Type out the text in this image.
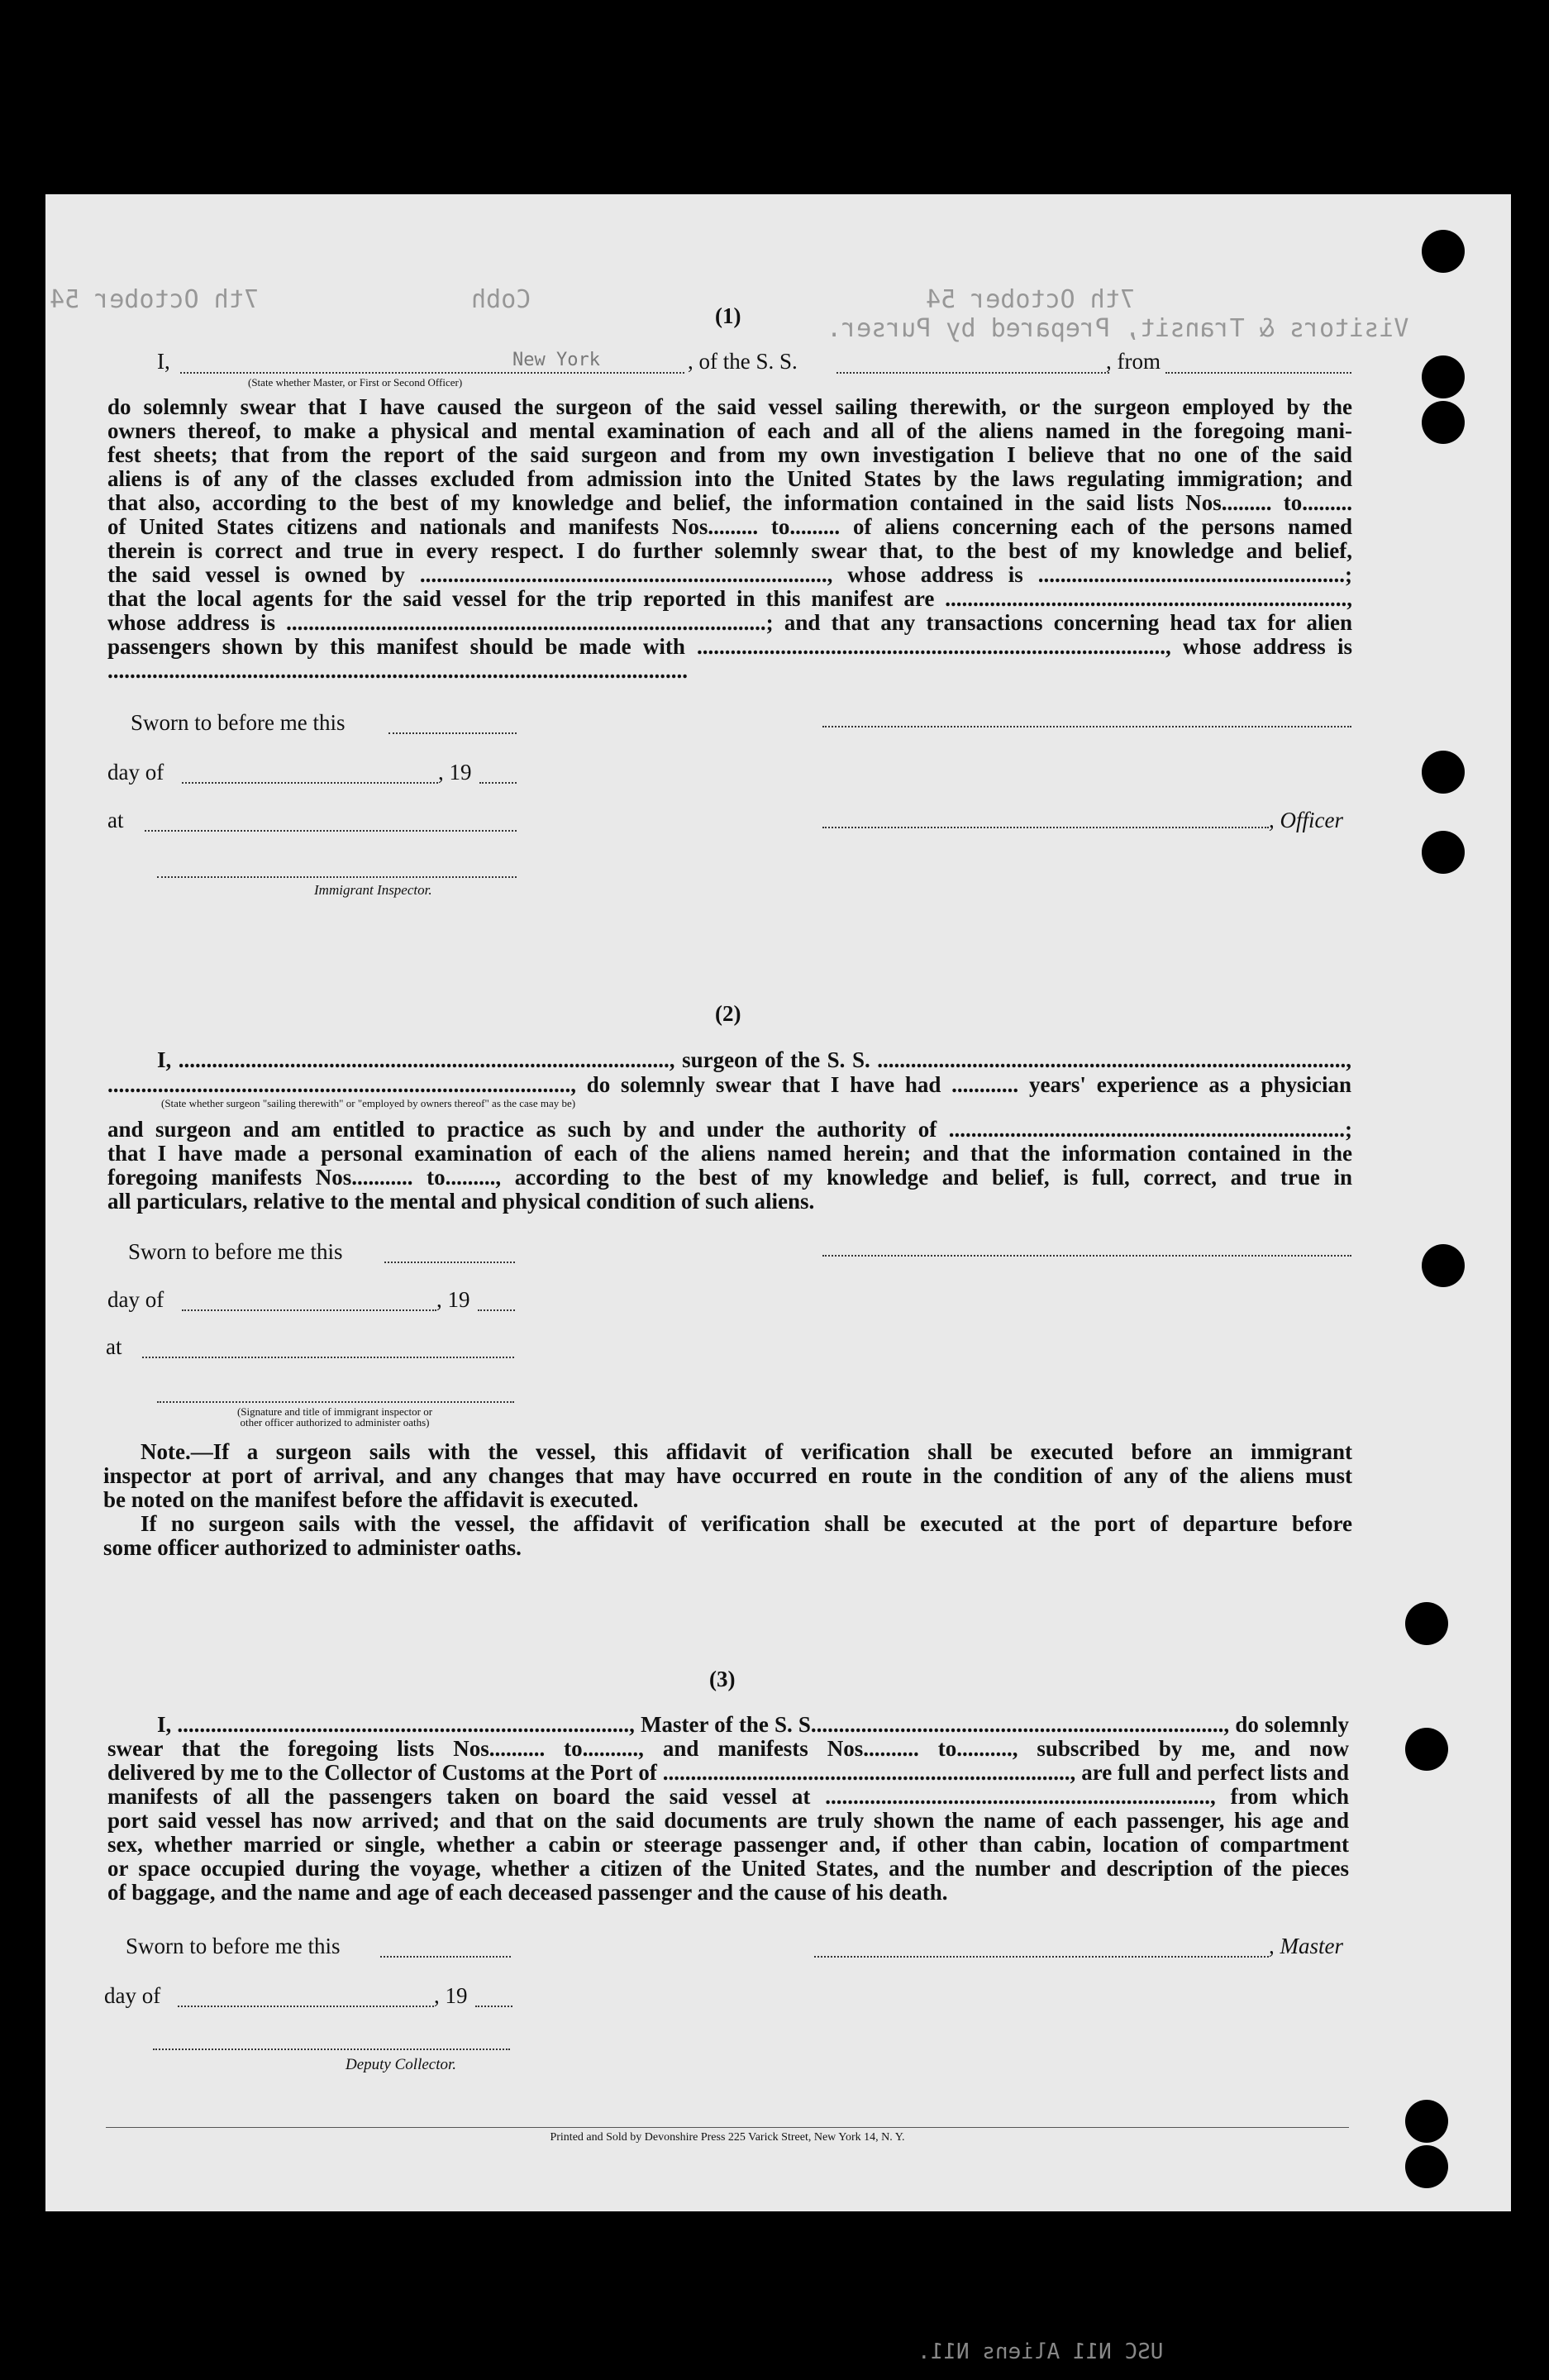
Visitors & Transit, Prepared by Purser.
7th October 54
Cobh
7th October 54
USC N11 Aliens N11.
(1)
I,	New York	, of the S. S.	, from
(State whether Master, or First or Second Officer)
do solemnly swear that I have caused the surgeon of the said vessel sailing therewith, or the surgeon employed by the
owners thereof, to make a physical and mental examination of each and all of the aliens named in the foregoing mani-
fest sheets; that from the report of the said surgeon and from my own investigation I believe that no one of the said
aliens is of any of the classes excluded from admission into the United States by the laws regulating immigration; and
that also, according to the best of my knowledge and belief, the information contained in the said lists Nos......... to.........
of United States citizens and nationals and manifests Nos......... to......... of aliens concerning each of the persons named
therein is correct and true in every respect. I do further solemnly swear that, to the best of my knowledge and belief,
the said vessel is owned by ........................................................................., whose address is .......................................................;
that the local agents for the said vessel for the trip reported in this manifest are ........................................................................,
whose address is ......................................................................................; and that any transactions concerning head tax for alien
passengers shown by this manifest should be made with ...................................................................................., whose address is
........................................................................................................
Sworn to before me this
day of	, 19
at	, Officer
Immigrant Inspector.
(2)
I, ........................................................................................, surgeon of the S. S. ....................................................................................,
..................................................................................., do solemnly swear that I have had ............ years' experience as a physician
(State whether surgeon "sailing therewith" or "employed by owners thereof" as the case may be)
and surgeon and am entitled to practice as such by and under the authority of .......................................................................;
that I have made a personal examination of each of the aliens named herein; and that the information contained in the
foregoing manifests Nos........... to........., according to the best of my knowledge and belief, is full, correct, and true in
all particulars, relative to the mental and physical condition of such aliens.
Sworn to before me this
day of	, 19
at
(Signature and title of immigrant inspector or
other officer authorized to administer oaths)
Note.—If a surgeon sails with the vessel, this affidavit of verification shall be executed before an immigrant
inspector at port of arrival, and any changes that may have occurred en route in the condition of any of the aliens must
be noted on the manifest before the affidavit is executed.
If no surgeon sails with the vessel, the affidavit of verification shall be executed at the port of departure before
some officer authorized to administer oaths.
(3)
I, ................................................................................., Master of the S. S.........................................................................., do solemnly
swear that the foregoing lists Nos.......... to.........., and manifests Nos.......... to.........., subscribed by me, and now
delivered by me to the Collector of Customs at the Port of ........................................................................., are full and perfect lists and
manifests of all the passengers taken on board the said vessel at ....................................................................., from which
port said vessel has now arrived; and that on the said documents are truly shown the name of each passenger, his age and
sex, whether married or single, whether a cabin or steerage passenger and, if other than cabin, location of compartment
or space occupied during the voyage, whether a citizen of the United States, and the number and description of the pieces
of baggage, and the name and age of each deceased passenger and the cause of his death.
Sworn to before me this	, Master
day of	, 19
Deputy Collector.
Printed and Sold by Devonshire Press 225 Varick Street, New York 14, N. Y.
